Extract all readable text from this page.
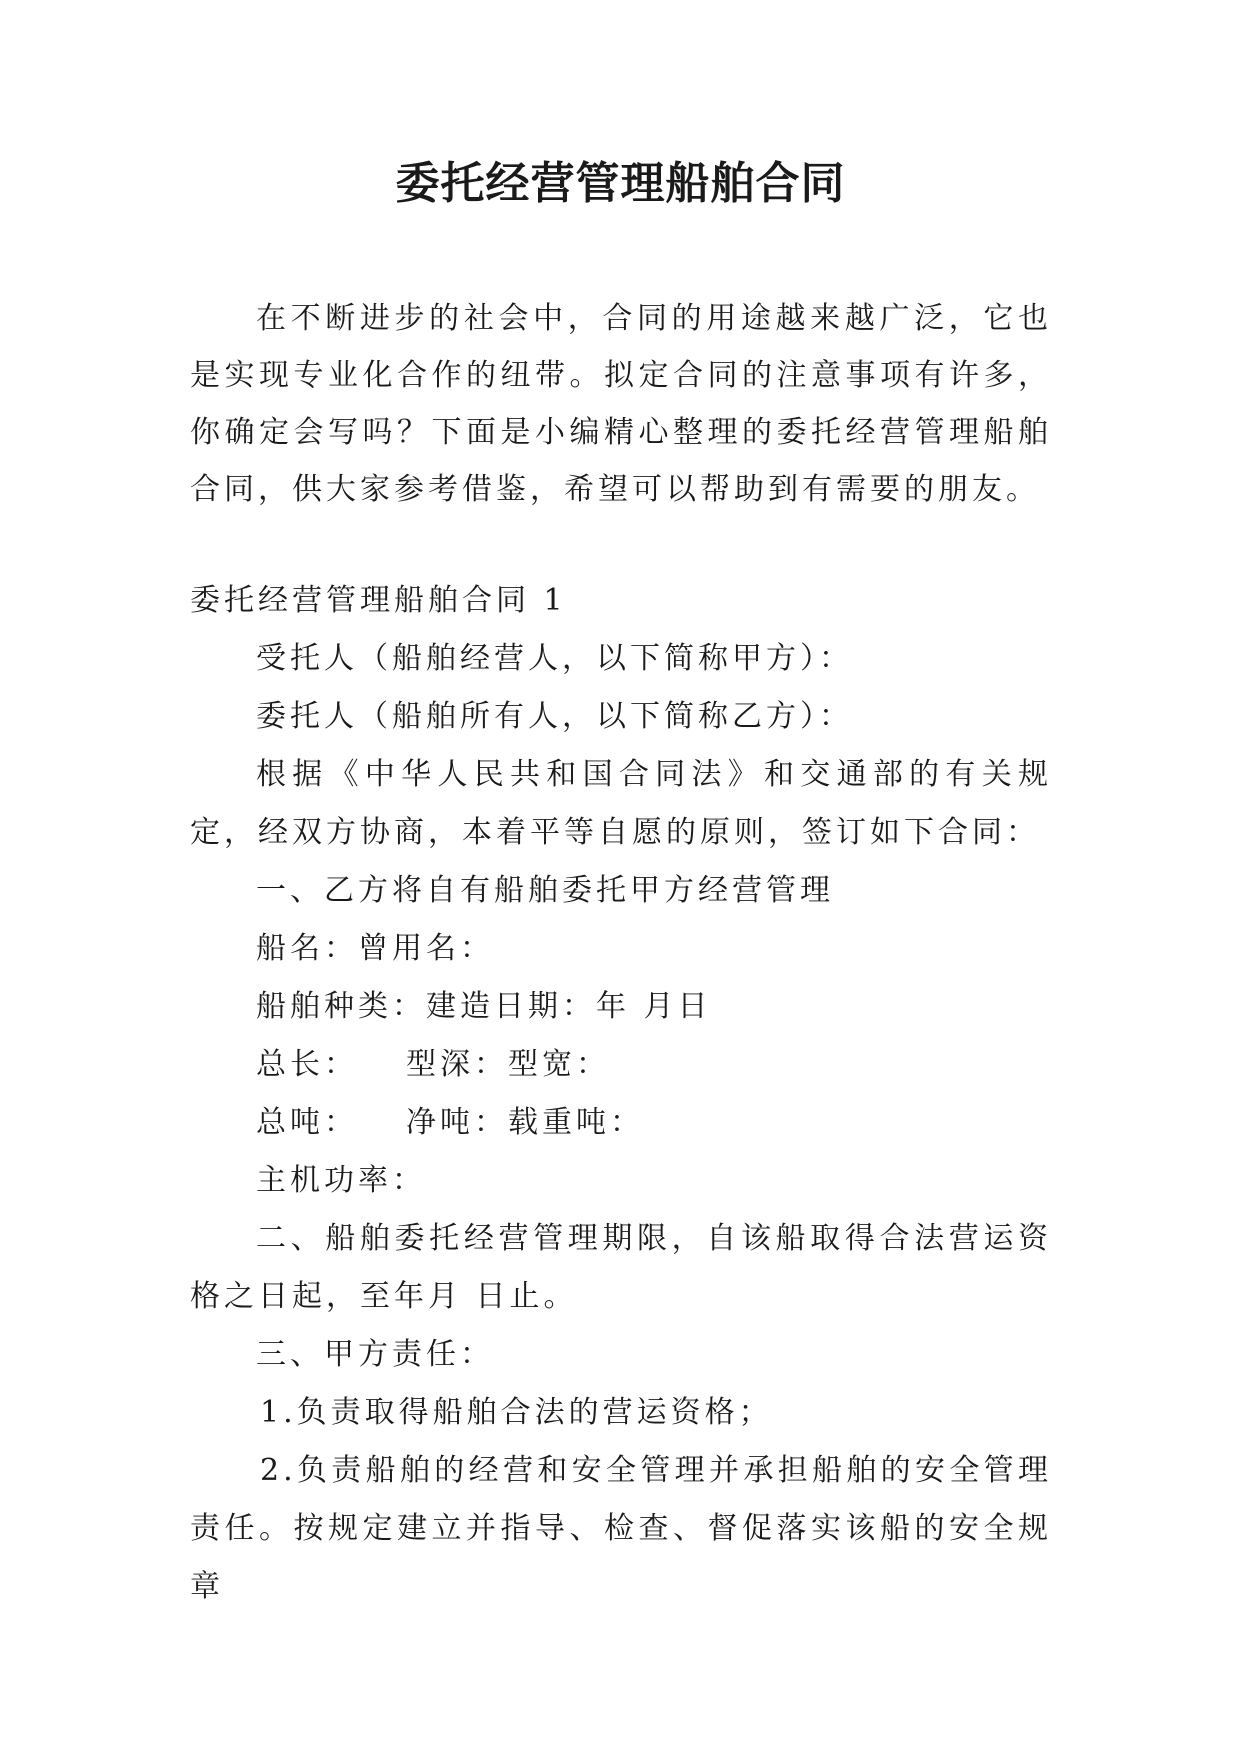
委托经营管理船舶合同

在不断进步的社会中，合同的用途越来越广泛，它也是实现专业化合作的纽带。拟定合同的注意事项有许多，你确定会写吗？下面是小编精心整理的委托经营管理船舶合同，供大家参考借鉴，希望可以帮助到有需要的朋友。

委托经营管理船舶合同 1

受托人（船舶经营人，以下简称甲方）：

委托人（船舶所有人，以下简称乙方）：

根据《中华人民共和国合同法》和交通部的有关规定，经双方协商，本着平等自愿的原则，签订如下合同：

一、乙方将自有船舶委托甲方经营管理

船名：曾用名：

船舶种类：建造日期：年 月日

总长： 型深：型宽：
总吨： 净吨：载重吨：

主机功率：

二、船舶委托经营管理期限，自该船取得合法营运资格之日起，至年月 日止。

三、甲方责任：

1.负责取得船舶合法的营运资格；

2.负责船舶的经营和安全管理并承担船舶的安全管理责任。按规定建立并指导、检查、督促落实该船的安全规章
